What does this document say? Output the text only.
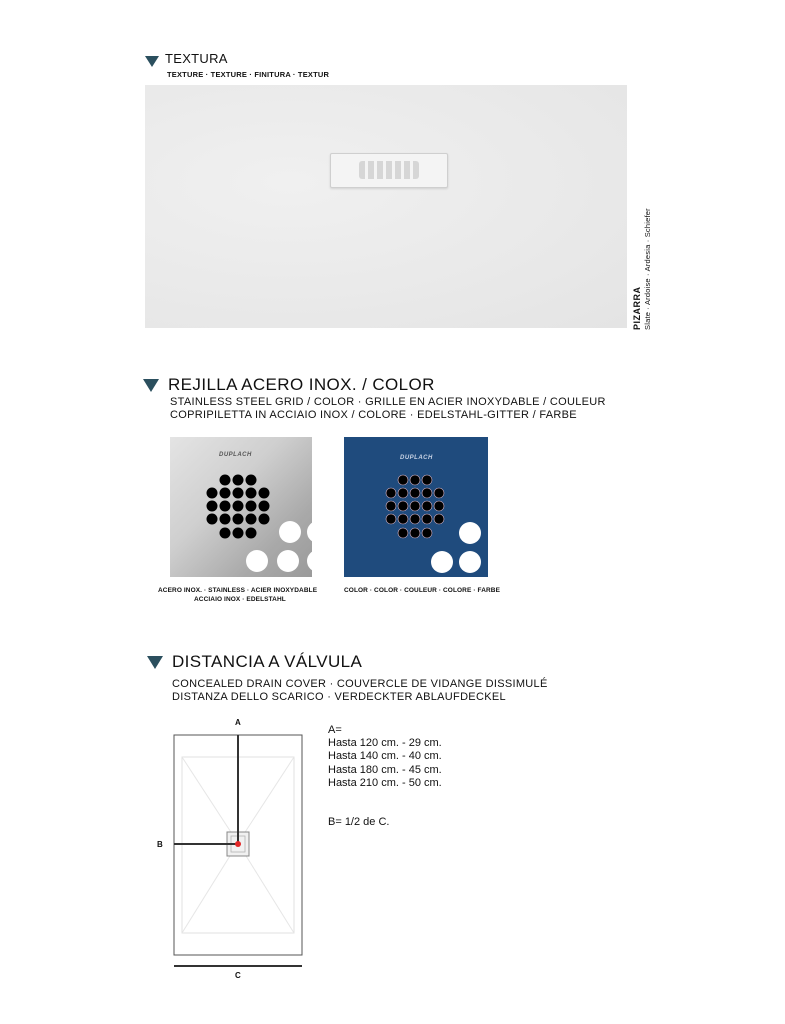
TEXTURA
TEXTURE · TEXTURE · FINITURA · TEXTUR
PIZARRA Slate · Ardoise · Ardesia · Schiefer
REJILLA ACERO INOX. / COLOR
STAINLESS STEEL GRID / COLOR · GRILLE EN ACIER INOXYDABLE / COULEUR
COPRIPILETTA IN ACCIAIO INOX / COLORE · EDELSTAHL-GITTER / FARBE
DUPLACH	DUPLACH
ACERO INOX. · STAINLESS · ACIER INOXYDABLE
ACCIAIO INOX · EDELSTAHL
COLOR · COLOR · COULEUR · COLORE · FARBE
DISTANCIA A VÁLVULA
CONCEALED DRAIN COVER · COUVERCLE DE VIDANGE DISSIMULÉ
DISTANZA DELLO SCARICO · VERDECKTER ABLAUFDECKEL
A
B
C
A=
Hasta 120 cm. - 29 cm.
Hasta 140 cm. - 40 cm.
Hasta 180 cm. - 45 cm.
Hasta 210 cm. - 50 cm.
B= 1/2 de C.
